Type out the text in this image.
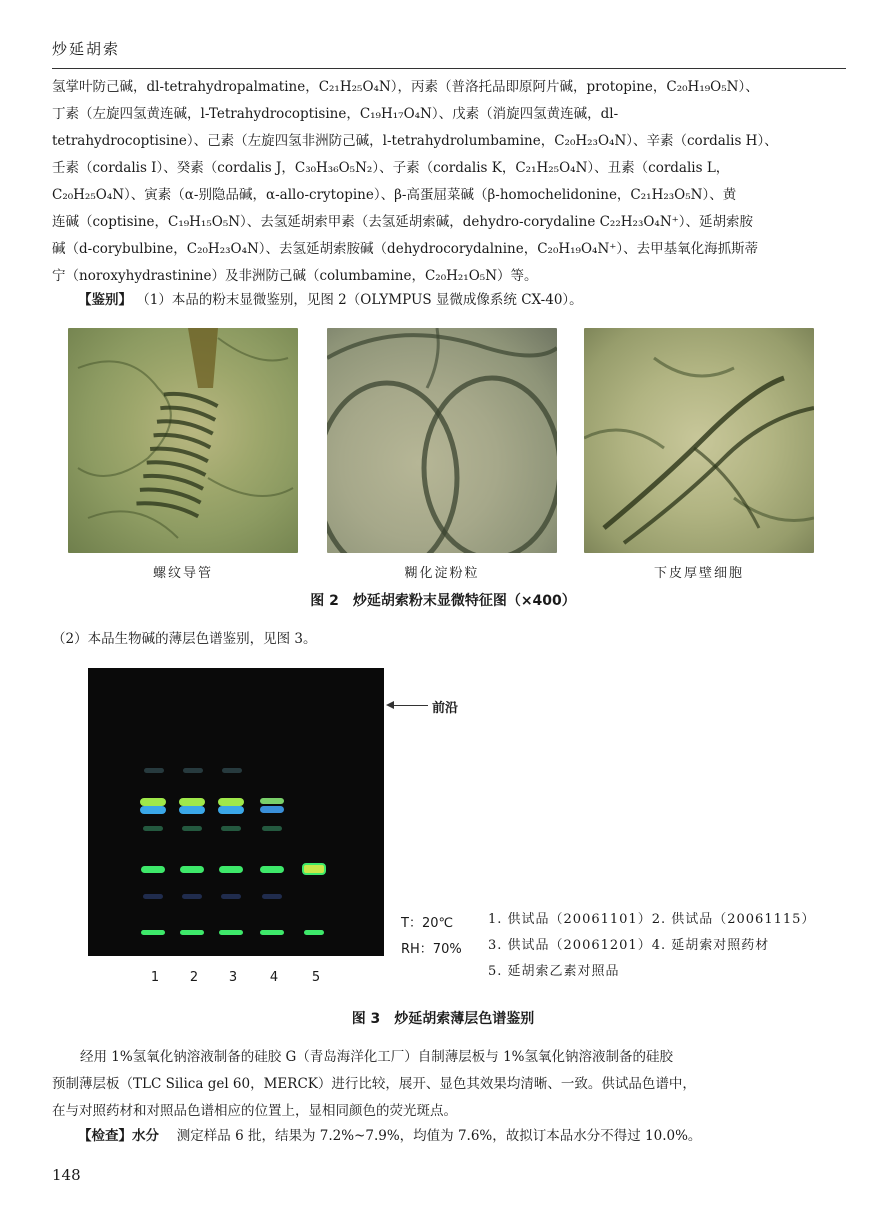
炒延胡索

氢掌叶防己碱，dl-tetrahydropalmatine，C₂₁H₂₅O₄N），丙素（普洛托品即原阿片碱，protopine，C₂₀H₁₉O₅N）、

丁素（左旋四氢黄连碱，l-Tetrahydrocoptisine，C₁₉H₁₇O₄N）、戊素（消旋四氢黄连碱，dl-

tetrahydrocoptisine）、己素（左旋四氢非洲防己碱，l-tetrahydrolumbamine，C₂₀H₂₃O₄N）、辛素（cordalis H）、

壬素（cordalis I）、癸素（cordalis J，C₃₀H₃₆O₅N₂）、子素（cordalis K，C₂₁H₂₅O₄N）、丑素（cordalis L，

C₂₀H₂₅O₄N）、寅素（α-别隐品碱，α-allo-crytopine）、β-高蛋屈菜碱（β-homochelidonine，C₂₁H₂₃O₅N）、黄

连碱（coptisine，C₁₉H₁₅O₅N）、去氢延胡索甲素（去氢延胡索碱，dehydro-corydaline C₂₂H₂₃O₄N⁺）、延胡索胺

碱（d-corybulbine，C₂₀H₂₃O₄N）、去氢延胡索胺碱（dehydrocorydalnine，C₂₀H₁₉O₄N⁺）、去甲基氧化海抓斯蒂

宁（noroxyhydrastinine）及非洲防己碱（columbamine，C₂₀H₂₁O₅N）等。

【鉴别】 （1）本品的粉末显微鉴别，见图 2（OLYMPUS 显微成像系统 CX-40）。
螺纹导管	糊化淀粉粒	下皮厚壁细胞
图 2　炒延胡索粉末显微特征图（×400）
（2）本品生物碱的薄层色谱鉴别，见图 3。
前沿
1	2	3	4	5
T：20℃
RH：70%
1. 供试品（20061101）2. 供试品（20061115）
3. 供试品（20061201）4. 延胡索对照药材
5. 延胡索乙素对照品
图 3　炒延胡索薄层色谱鉴别

经用 1%氢氧化钠溶液制备的硅胶 G（青岛海洋化工厂）自制薄层板与 1%氢氧化钠溶液制备的硅胶

预制薄层板（TLC Silica gel 60，MERCK）进行比较，展开、显色其效果均清晰、一致。供试品色谱中，

在与对照药材和对照品色谱相应的位置上，显相同颜色的荧光斑点。

【检查】水分 　测定样品 6 批，结果为 7.2%~7.9%，均值为 7.6%，故拟订本品水分不得过 10.0%。
148
